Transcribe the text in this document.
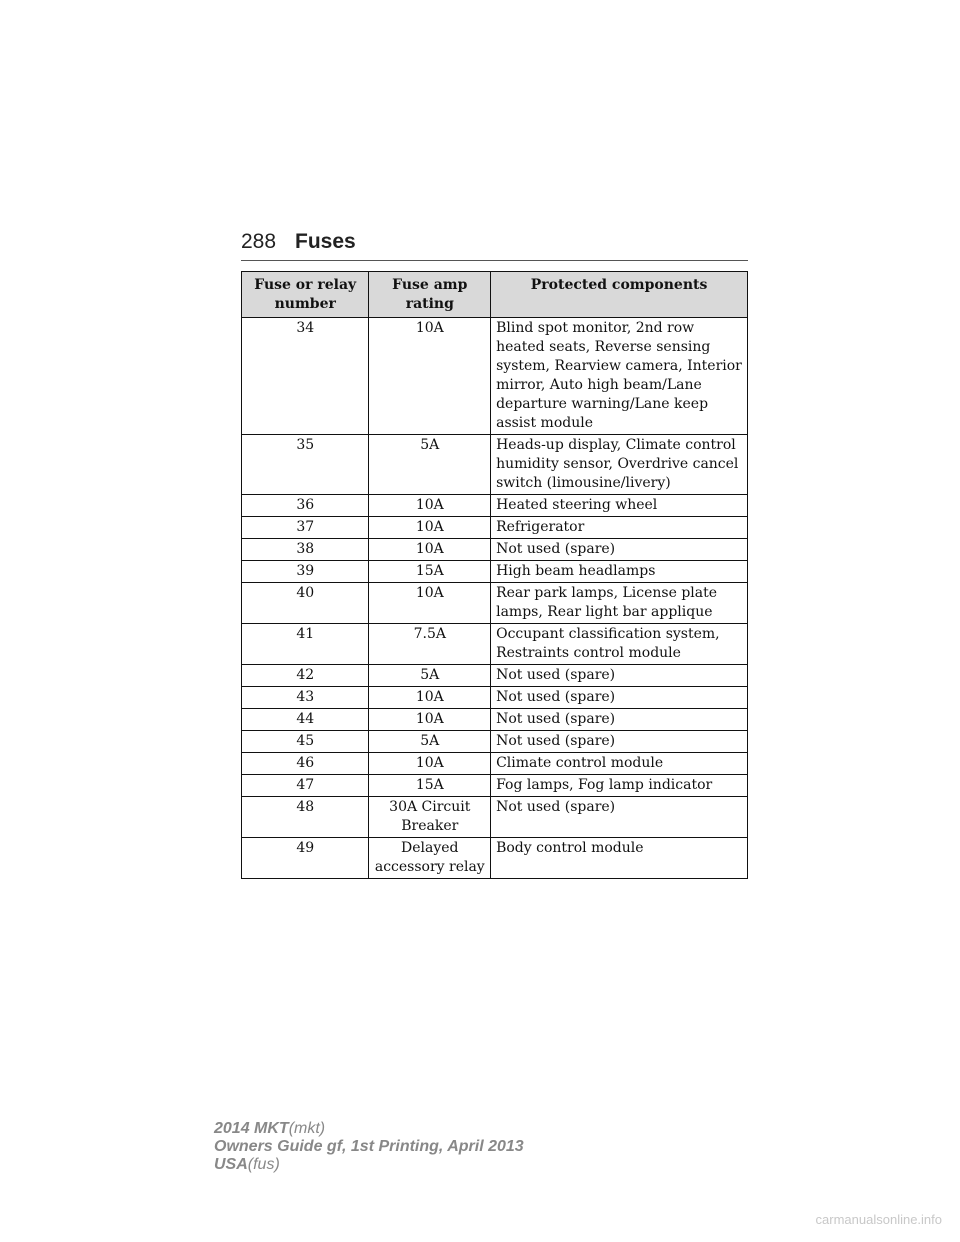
288 Fuses
Fuse or relay number	Fuse amp rating	Protected components
34	10A	Blind spot monitor, 2nd row heated seats, Reverse sensing system, Rearview camera, Interior mirror, Auto high beam/Lane departure warning/Lane keep assist module
35	5A	Heads-up display, Climate control humidity sensor, Overdrive cancel switch (limousine/livery)
36	10A	Heated steering wheel
37	10A	Refrigerator
38	10A	Not used (spare)
39	15A	High beam headlamps
40	10A	Rear park lamps, License plate lamps, Rear light bar applique
41	7.5A	Occupant classification system, Restraints control module
42	5A	Not used (spare)
43	10A	Not used (spare)
44	10A	Not used (spare)
45	5A	Not used (spare)
46	10A	Climate control module
47	15A	Fog lamps, Fog lamp indicator
48	30A Circuit Breaker	Not used (spare)
49	Delayed accessory relay	Body control module
2014 MKT(mkt)
Owners Guide gf, 1st Printing, April 2013
USA(fus)
carmanualsonline.info
